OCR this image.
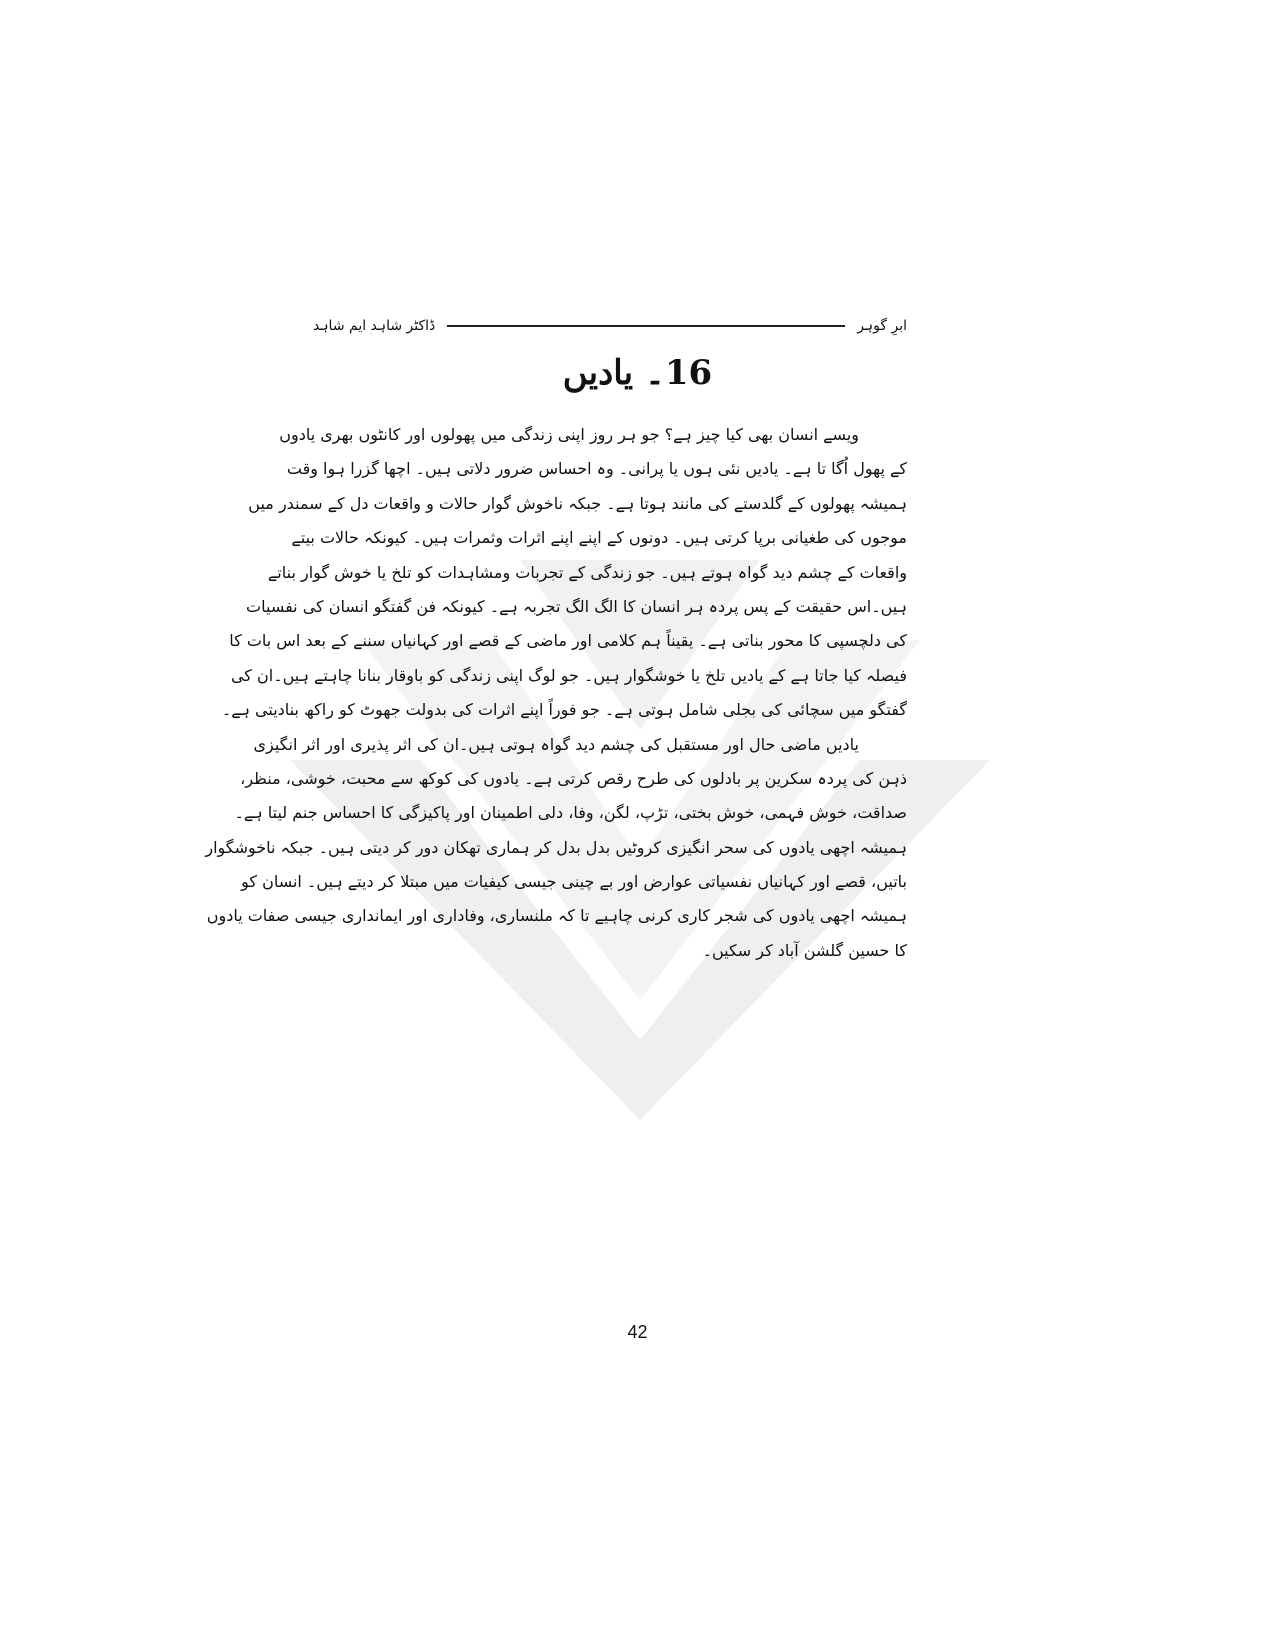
ابرِ گوہر
ڈاکٹر شاہد ایم شاہد
16۔ یادیں
ویسے انسان بھی کیا چیز ہے؟ جو ہر روز اپنی زندگی میں پھولوں اور کانٹوں بھری یادوں
کے پھول اُگا تا ہے۔ یادیں نئی ہوں یا پرانی۔ وہ احساس ضرور دلاتی ہیں۔ اچھا گزرا ہوا وقت
ہمیشہ پھولوں کے گلدستے کی مانند ہوتا ہے۔ جبکہ ناخوش گوار حالات و واقعات دل کے سمندر میں
موجوں کی طغیانی برپا کرتی ہیں۔ دونوں کے اپنے اپنے اثرات وثمرات ہیں۔ کیونکہ حالات بیتے
واقعات کے چشم دید گواہ ہوتے ہیں۔ جو زندگی کے تجربات ومشاہدات کو تلخ یا خوش گوار بناتے
ہیں۔اس حقیقت کے پس پردہ ہر انسان کا الگ الگ تجربہ ہے۔ کیونکہ فن گفتگو انسان کی نفسیات
کی دلچسپی کا محور بناتی ہے۔ یقیناً ہم کلامی اور ماضی کے قصے اور کہانیاں سننے کے بعد اس بات کا
فیصلہ کیا جاتا ہے کے یادیں تلخ یا خوشگوار ہیں۔ جو لوگ اپنی زندگی کو باوقار بنانا چاہتے ہیں۔ان کی
گفتگو میں سچائی کی بجلی شامل ہوتی ہے۔ جو فوراً اپنے اثرات کی بدولت جھوٹ کو راکھ بنادیتی ہے۔
یادیں ماضی حال اور مستقبل کی چشم دید گواہ ہوتی ہیں۔ان کی اثر پذیری اور اثر انگیزی
ذہن کی پردہ سکرین پر بادلوں کی طرح رقص کرتی ہے۔ یادوں کی کوکھ سے محبت، خوشی، منظر،
صداقت، خوش فہمی، خوش بختی، تڑپ، لگن، وفا، دلی اطمینان اور پاکیزگی کا احساس جنم لیتا ہے۔
ہمیشہ اچھی یادوں کی سحر انگیزی کروٹیں بدل بدل کر ہماری تھکان دور کر دیتی ہیں۔ جبکہ ناخوشگوار
باتیں، قصے اور کہانیاں نفسیاتی عوارض اور بے چینی جیسی کیفیات میں مبتلا کر دیتے ہیں۔ انسان کو
ہمیشہ اچھی یادوں کی شجر کاری کرنی چاہیے تا کہ ملنساری، وفاداری اور ایمانداری جیسی صفات یادوں
کا حسین گلشن آباد کر سکیں۔
42
